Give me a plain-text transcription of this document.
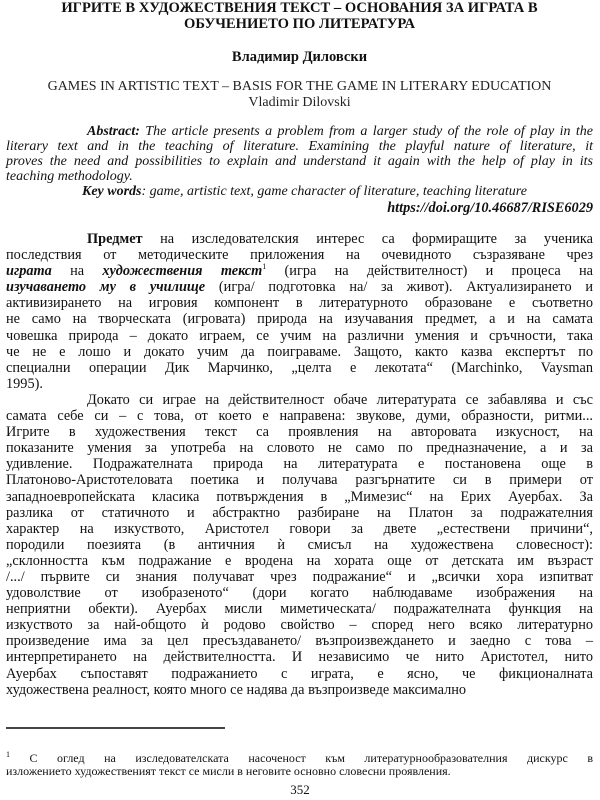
ИГРИТЕ В ХУДОЖЕСТВЕНИЯ ТЕКСТ – ОСНОВАНИЯ ЗА ИГРАТА В
ОБУЧЕНИЕТО ПО ЛИТЕРАТУРА
Владимир Диловски
GAMES IN ARTISTIC TEXT – BASIS FOR THE GAME IN LITERARY EDUCATION
Vladimir Dilovski
Abstract: The article presents a problem from a larger study of the role of play in the
literary text and in the teaching of literature. Examining the playful nature of literature, it
proves the need and possibilities to explain and understand it again with the help of play in its
teaching methodology.
Key words: game, artistic text, game character of literature, teaching literature
https://doi.org/10.46687/RISE6029
Предмет на изследователския интерес са формиращите за ученика
последствия от методическите приложения на очевидното съзразяване чрез
играта на художествения текст$^1$ (игра на действителност) и процеса на
изучаването му в училище (игра/ подготовка на/ за живот). Актуализирането и
активизирането на игровия компонент в литературното образоване е съответно
не само на творческата (игровата) природа на изучавания предмет, а и на самата
човешка природа – докато играем, се учим на различни умения и сръчности, така
че не е лошо и докато учим да поиграваме. Защото, както казва експертът по
специални операции Дик Марчинко, „целта е лекотата“ (Marchinko, Vaysman
1995).
Докато си играе на действителност обаче литературата се забавлява и със
самата себе си – с това, от което е направена: звукове, думи, образности, ритми...
Игрите в художествения текст са проявления на авторовата изкусност, на
показаните умения за употреба на словото не само по предназначение, а и за
удивление. Подражателната природа на литературата е постановена още в
Платоново-Аристотеловата поетика и получава разгърнатите си в примери от
западноевропейската класика потвърждения в „Мимезис“ на Ерих Ауербах. За
разлика от статичното и абстрактно разбиране на Платон за подражателния
характер на изкуството, Аристотел говори за двете „естествени причини“,
породили поезията (в античния ѝ смисъл на художествена словесност):
„склонността към подражание е вродена на хората още от детската им възраст
/.../ първите си знания получават чрез подражание“ и „всички хора изпитват
удоволствие от изобразеното“ (дори когато наблюдаваме изображения на
неприятни обекти). Ауербах мисли миметическата/ подражателната функция на
изкуството за най-общото ѝ родово свойство – според него всяко литературно
произведение има за цел пресъздаването/ възпроизвеждането и заедно с това –
интерпретирането на действителността. И независимо че нито Аристотел, нито
Ауербах съпоставят подражанието с играта, е ясно, че фикционалната
художествена реалност, която много се надява да възпроизведе максимално
$^1$ С оглед на изследователската насоченост към литературнообразователния дискурс в
изложението художественият текст се мисли в неговите основно словесни проявления.
352
